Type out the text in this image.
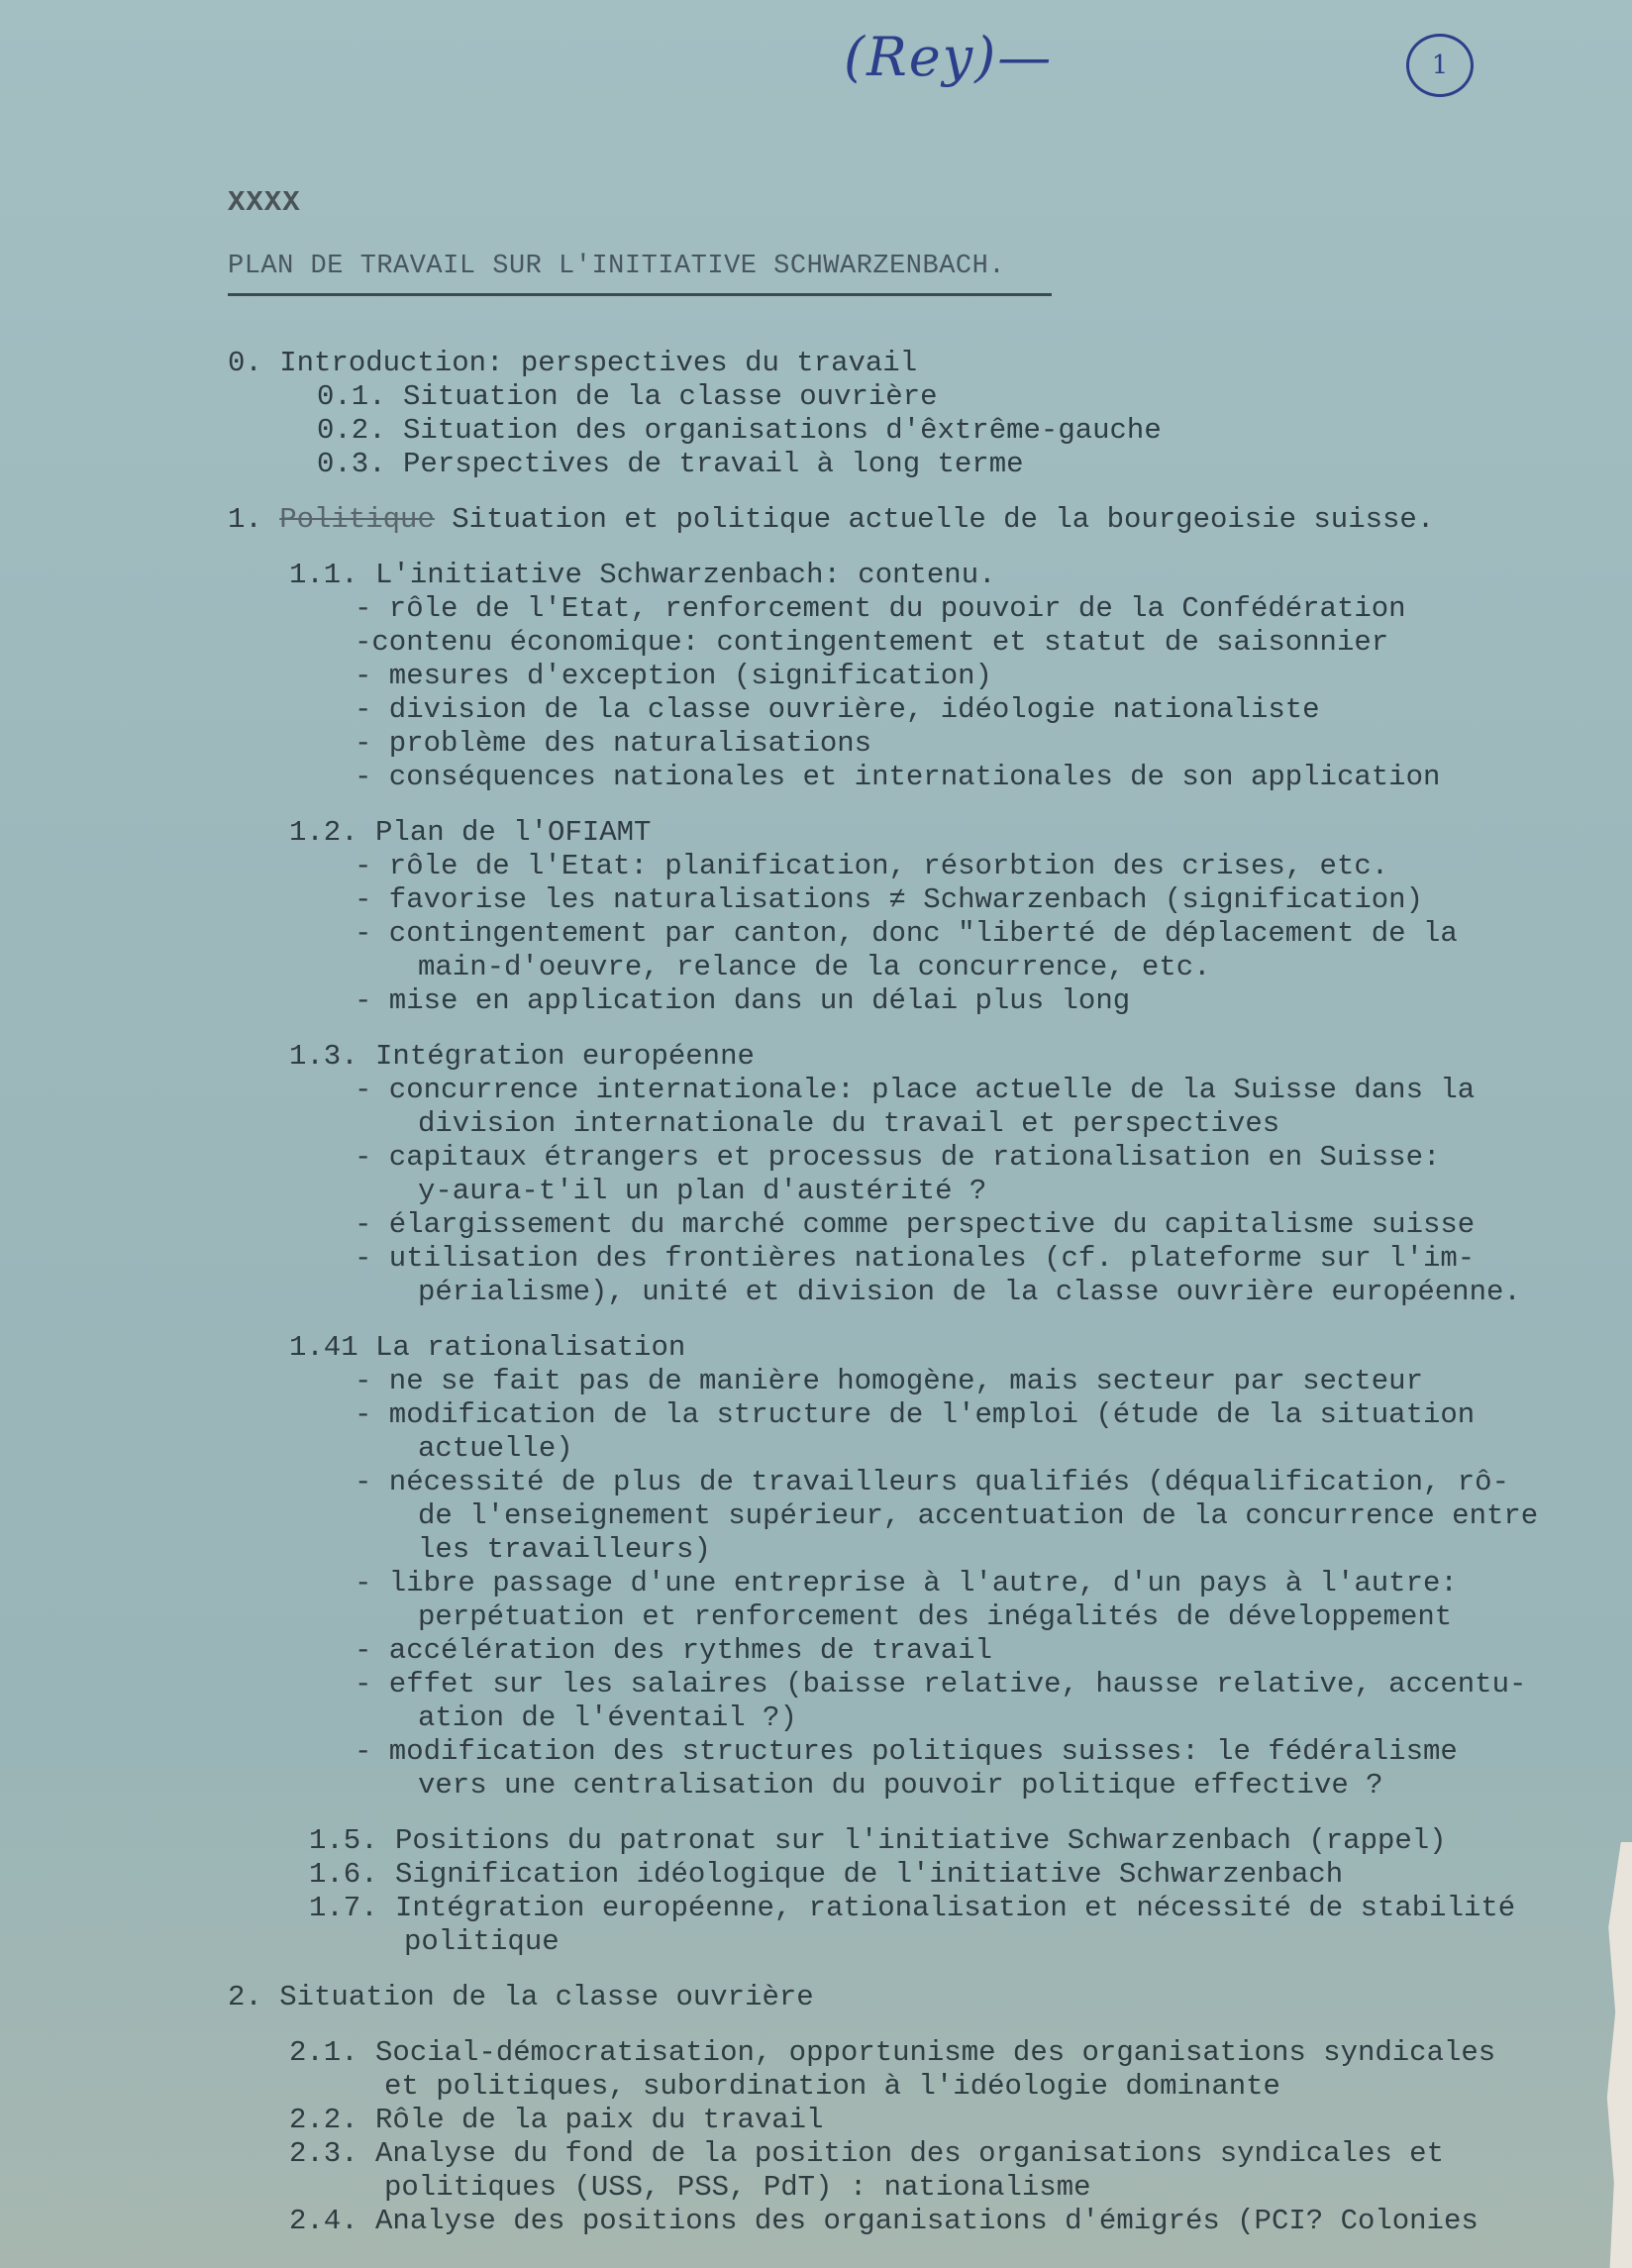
(Rey)—	1
XXXX
PLAN DE TRAVAIL SUR L'INITIATIVE SCHWARZENBACH.
0. Introduction: perspectives du travail
0.1. Situation de la classe ouvrière
0.2. Situation des organisations d'êxtrême-gauche
0.3. Perspectives de travail à long terme
1. Politique Situation et politique actuelle de la bourgeoisie suisse.
1.1. L'initiative Schwarzenbach: contenu.
- rôle de l'Etat, renforcement du pouvoir de la Confédération
-contenu économique: contingentement et statut de saisonnier
- mesures d'exception (signification)
- division de la classe ouvrière, idéologie nationaliste
- problème des naturalisations
- conséquences nationales et internationales de son application
1.2. Plan de l'OFIAMT
- rôle de l'Etat: planification, résorbtion des crises, etc.
- favorise les naturalisations ≠ Schwarzenbach (signification)
- contingentement par canton, donc "liberté de déplacement de la
main-d'oeuvre, relance de la concurrence, etc.
- mise en application dans un délai plus long
1.3. Intégration européenne
- concurrence internationale: place actuelle de la Suisse dans la
division internationale du travail et perspectives
- capitaux étrangers et processus de rationalisation en Suisse:
y-aura-t'il un plan d'austérité ?
- élargissement du marché comme perspective du capitalisme suisse
- utilisation des frontières nationales (cf. plateforme sur l'im-
périalisme), unité et division de la classe ouvrière européenne.
1.41 La rationalisation
- ne se fait pas de manière homogène, mais secteur par secteur
- modification de la structure de l'emploi (étude de la situation
actuelle)
- nécessité de plus de travailleurs qualifiés (déqualification, rô-
de l'enseignement supérieur, accentuation de la concurrence entre
les travailleurs)
- libre passage d'une entreprise à l'autre, d'un pays à l'autre:
perpétuation et renforcement des inégalités de développement
- accélération des rythmes de travail
- effet sur les salaires (baisse relative, hausse relative, accentu-
ation de l'éventail ?)
- modification des structures politiques suisses: le fédéralisme
vers une centralisation du pouvoir politique effective ?
1.5. Positions du patronat sur l'initiative Schwarzenbach (rappel)
1.6. Signification idéologique de l'initiative Schwarzenbach
1.7. Intégration européenne, rationalisation et nécessité de stabilité
politique
2. Situation de la classe ouvrière
2.1. Social-démocratisation, opportunisme des organisations syndicales
et politiques, subordination à l'idéologie dominante
2.2. Rôle de la paix du travail
2.3. Analyse du fond de la position des organisations syndicales et
politiques (USS, PSS, PdT) : nationalisme
2.4. Analyse des positions des organisations d'émigrés (PCI? Colonies
